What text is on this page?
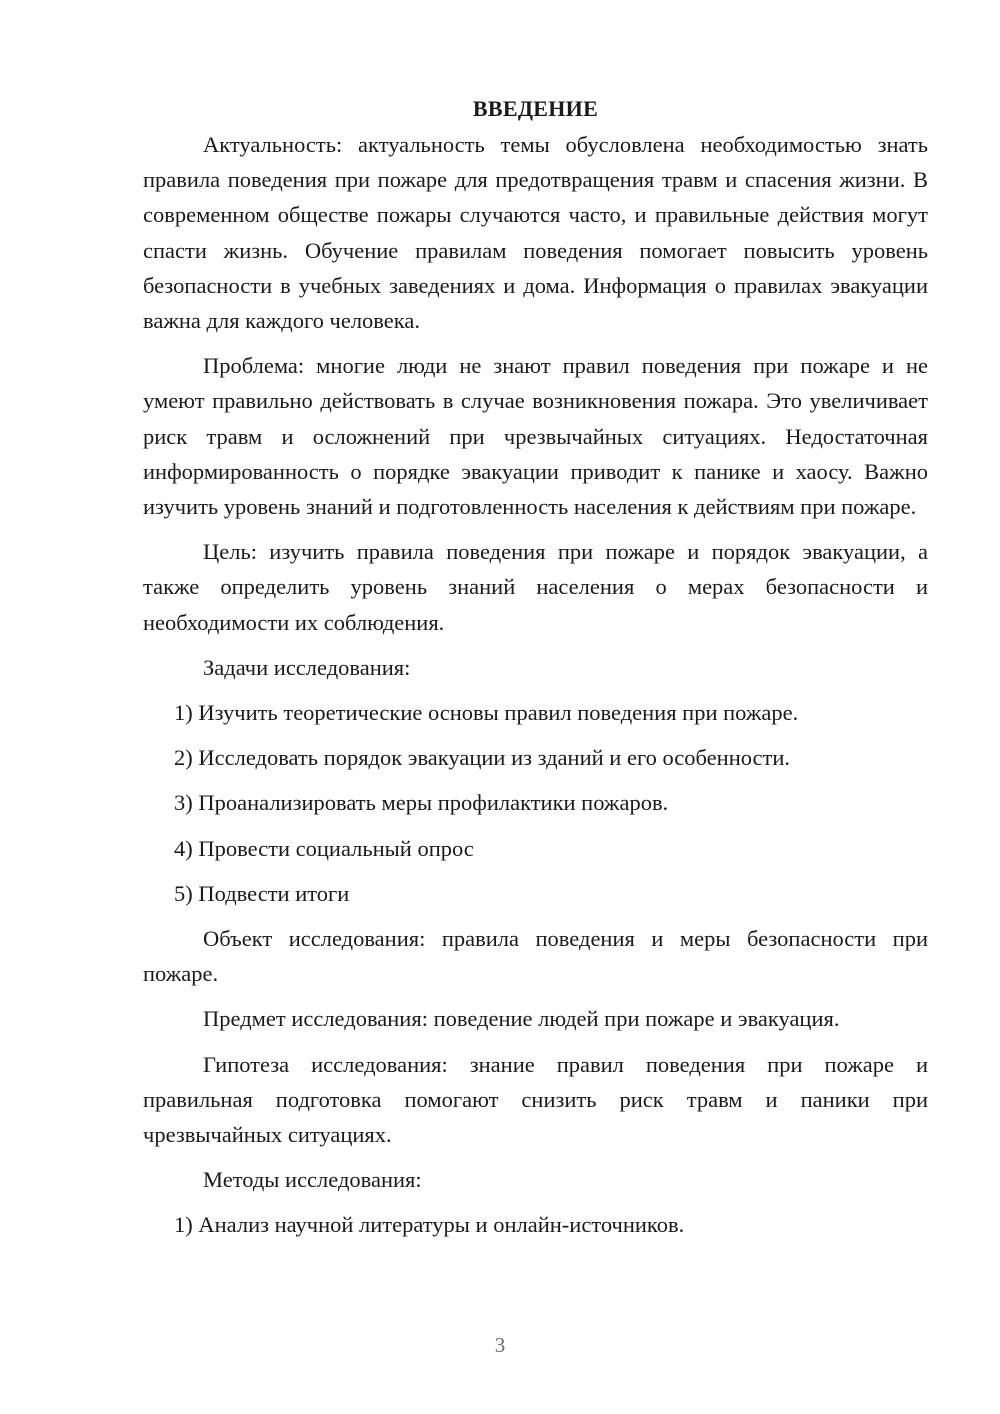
ВВЕДЕНИЕ

Актуальность: актуальность темы обусловлена необходимостью знать правила поведения при пожаре для предотвращения травм и спасения жизни. В современном обществе пожары случаются часто, и правильные действия могут спасти жизнь. Обучение правилам поведения помогает повысить уровень безопасности в учебных заведениях и дома. Информация о правилах эвакуации важна для каждого человека.

Проблема: многие люди не знают правил поведения при пожаре и не умеют правильно действовать в случае возникновения пожара. Это увеличивает риск травм и осложнений при чрезвычайных ситуациях. Недостаточная информированность о порядке эвакуации приводит к панике и хаосу. Важно изучить уровень знаний и подготовленность населения к действиям при пожаре.

Цель: изучить правила поведения при пожаре и порядок эвакуации, а также определить уровень знаний населения о мерах безопасности и необходимости их соблюдения.

Задачи исследования:

1) Изучить теоретические основы правил поведения при пожаре.

2) Исследовать порядок эвакуации из зданий и его особенности.

3) Проанализировать меры профилактики пожаров.

4) Провести социальный опрос

5) Подвести итоги

Объект исследования: правила поведения и меры безопасности при пожаре.

Предмет исследования: поведение людей при пожаре и эвакуация.

Гипотеза исследования: знание правил поведения при пожаре и правильная подготовка помогают снизить риск травм и паники при чрезвычайных ситуациях.

Методы исследования:

1) Анализ научной литературы и онлайн-источников.

3
